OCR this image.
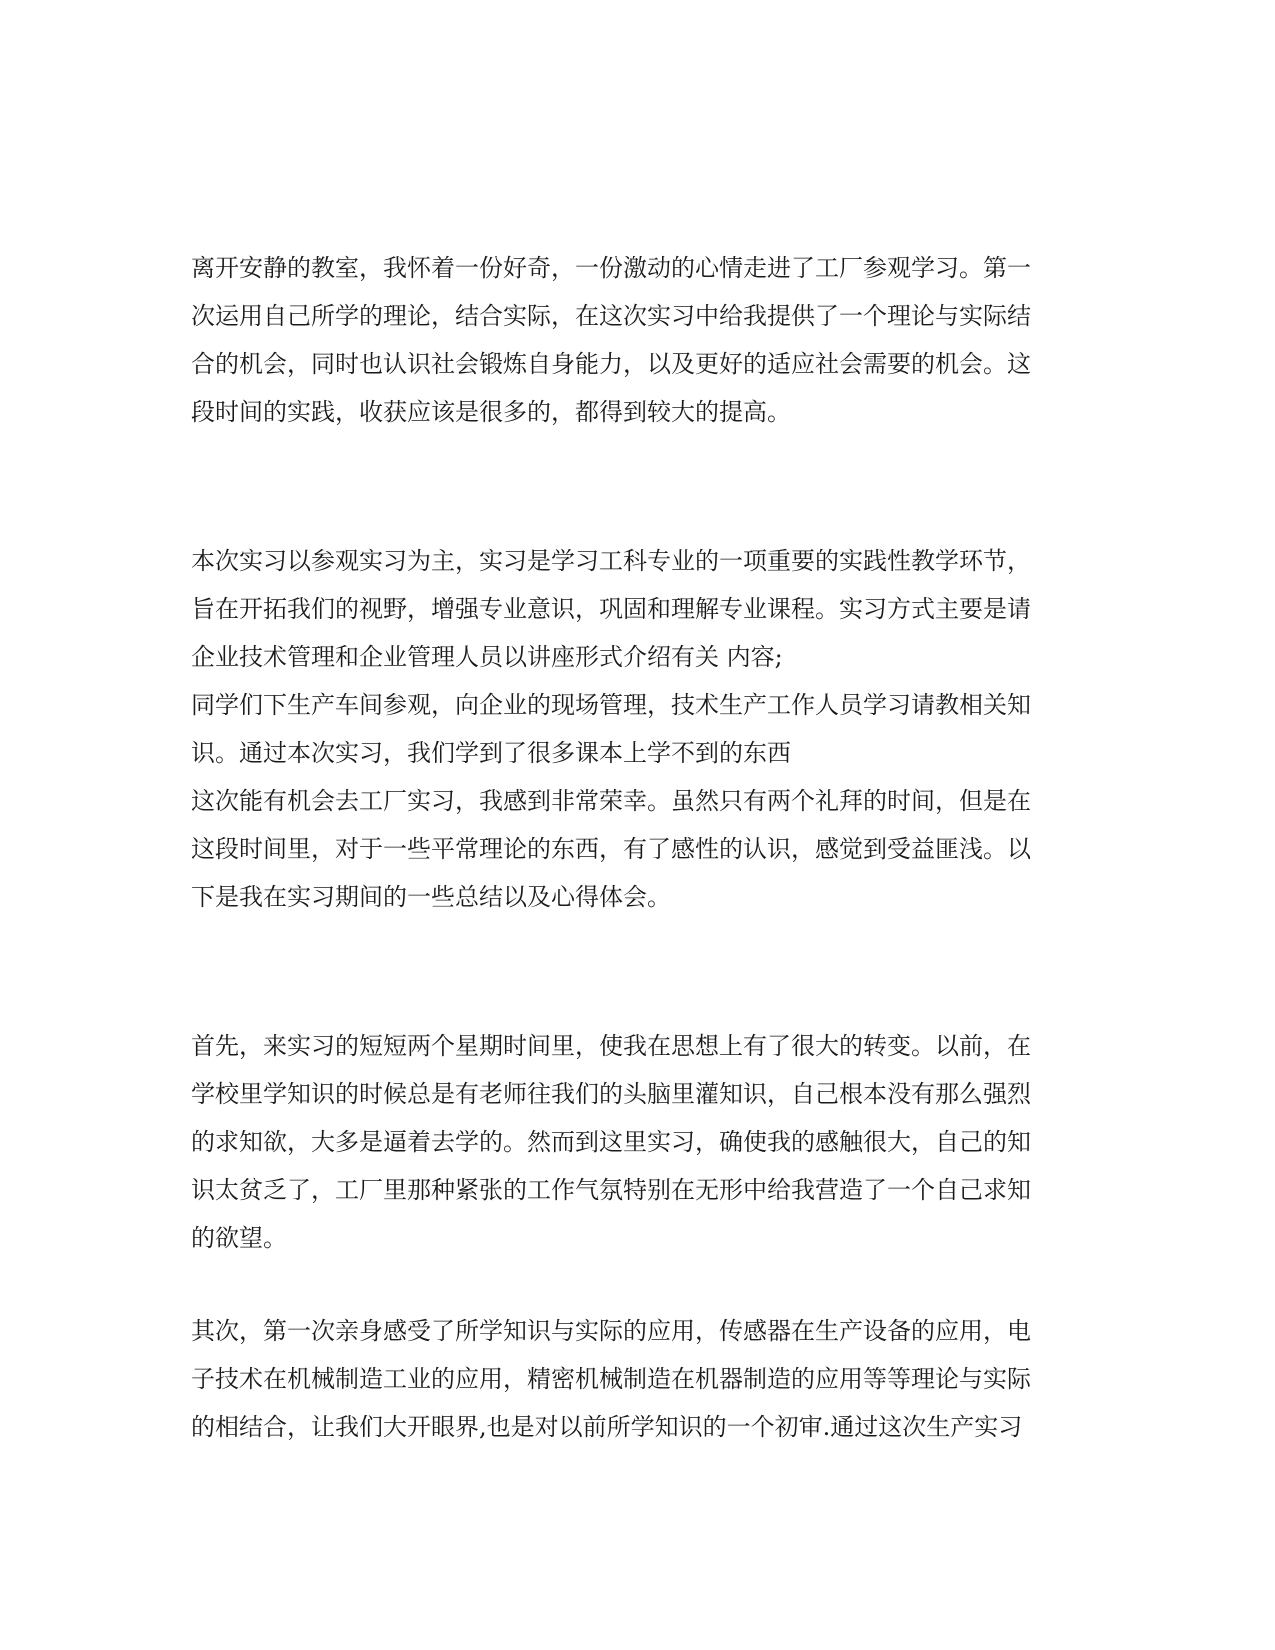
离开安静的教室，我怀着一份好奇，一份激动的心情走进了工厂参观学习。第一
次运用自己所学的理论，结合实际，在这次实习中给我提供了一个理论与实际结
合的机会，同时也认识社会锻炼自身能力，以及更好的适应社会需要的机会。这
段时间的实践，收获应该是很多的，都得到较大的提高。
本次实习以参观实习为主，实习是学习工科专业的一项重要的实践性教学环节，
旨在开拓我们的视野，增强专业意识，巩固和理解专业课程。实习方式主要是请
企业技术管理和企业管理人员以讲座形式介绍有关 内容;
同学们下生产车间参观，向企业的现场管理，技术生产工作人员学习请教相关知
识。通过本次实习，我们学到了很多课本上学不到的东西
这次能有机会去工厂实习，我感到非常荣幸。虽然只有两个礼拜的时间，但是在
这段时间里，对于一些平常理论的东西，有了感性的认识，感觉到受益匪浅。以
下是我在实习期间的一些总结以及心得体会。
首先，来实习的短短两个星期时间里，使我在思想上有了很大的转变。以前，在
学校里学知识的时候总是有老师往我们的头脑里灌知识，自己根本没有那么强烈
的求知欲，大多是逼着去学的。然而到这里实习，确使我的感触很大，自己的知
识太贫乏了，工厂里那种紧张的工作气氛特别在无形中给我营造了一个自己求知
的欲望。
其次，第一次亲身感受了所学知识与实际的应用，传感器在生产设备的应用，电
子技术在机械制造工业的应用，精密机械制造在机器制造的应用等等理论与实际
的相结合，让我们大开眼界,也是对以前所学知识的一个初审.通过这次生产实习
